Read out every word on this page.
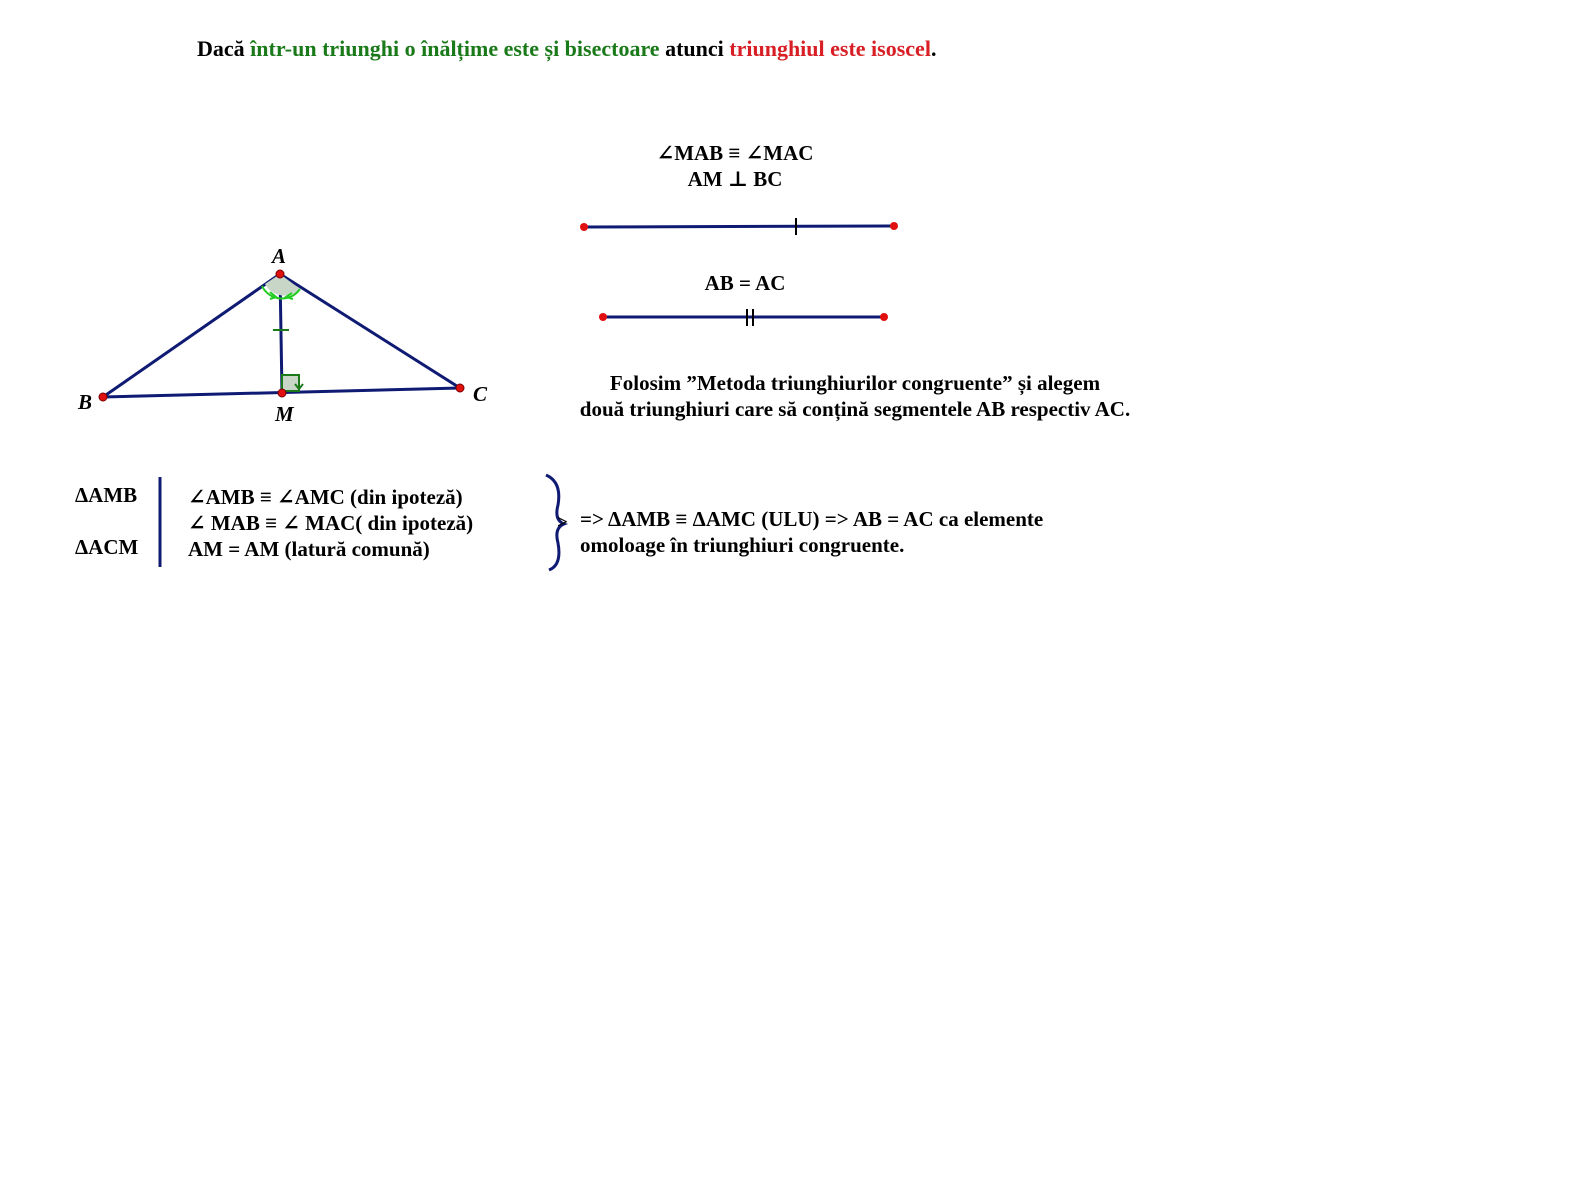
Dacă într-un triunghi o înălțime este și bisectoare atunci triunghiul este isoscel.
∠MAB ≡ ∠MAC
AM ⊥ BC
AB = AC
A
B	C
M
Folosim ”Metoda triunghiurilor congruente” și alegem
două triunghiuri care să conțină segmentele AB respectiv AC.
ΔAMB
ΔACM
∠AMB ≡ ∠AMC (din ipoteză)
∠ MAB ≡ ∠ MAC( din ipoteză)
AM = AM (latură comună)
> => ΔAMB ≡ ΔAMC (ULU) => AB = AC ca elemente
omoloage în triunghiuri congruente.
